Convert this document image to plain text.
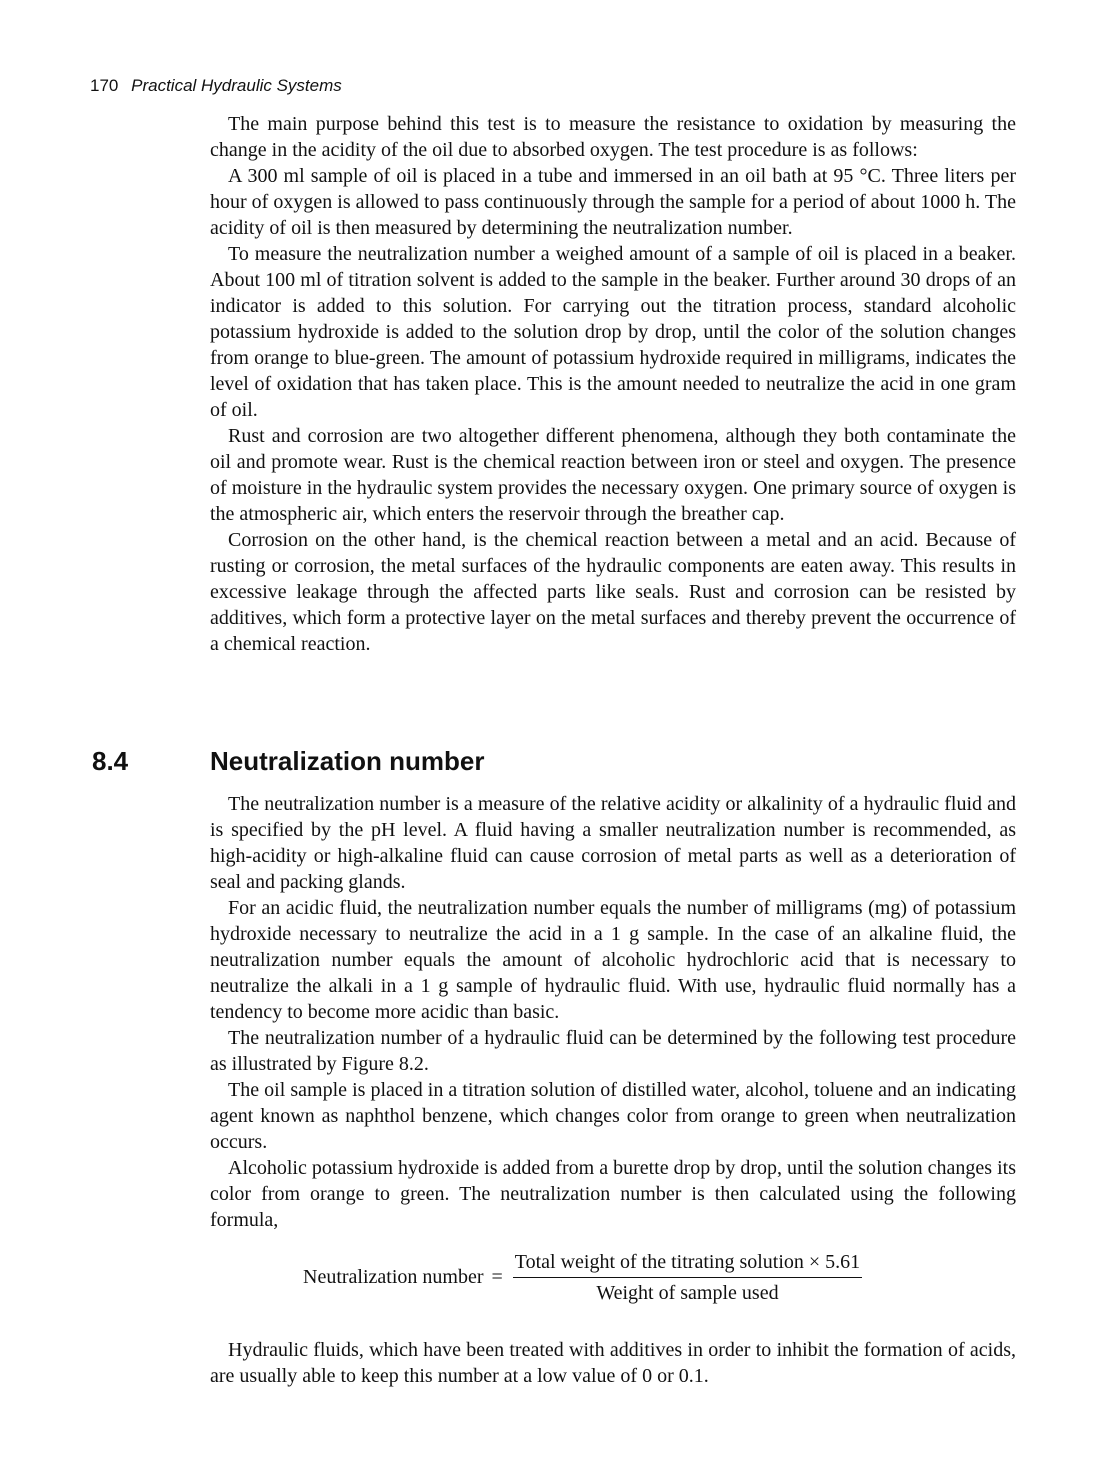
170 Practical Hydraulic Systems

The main purpose behind this test is to measure the resistance to oxidation by measuring the change in the acidity of the oil due to absorbed oxygen. The test procedure is as follows:

A 300 ml sample of oil is placed in a tube and immersed in an oil bath at 95 °C. Three liters per hour of oxygen is allowed to pass continuously through the sample for a period of about 1000 h. The acidity of oil is then measured by determining the neutralization number.

To measure the neutralization number a weighed amount of a sample of oil is placed in a beaker. About 100 ml of titration solvent is added to the sample in the beaker. Further around 30 drops of an indicator is added to this solution. For carrying out the titration process, standard alcoholic potassium hydroxide is added to the solution drop by drop, until the color of the solution changes from orange to blue-green. The amount of potassium hydroxide required in milligrams, indicates the level of oxidation that has taken place. This is the amount needed to neutralize the acid in one gram of oil.

Rust and corrosion are two altogether different phenomena, although they both contaminate the oil and promote wear. Rust is the chemical reaction between iron or steel and oxygen. The presence of moisture in the hydraulic system provides the necessary oxygen. One primary source of oxygen is the atmospheric air, which enters the reservoir through the breather cap.

Corrosion on the other hand, is the chemical reaction between a metal and an acid. Because of rusting or corrosion, the metal surfaces of the hydraulic components are eaten away. This results in excessive leakage through the affected parts like seals. Rust and corrosion can be resisted by additives, which form a protective layer on the metal surfaces and thereby prevent the occurrence of a chemical reaction.

8.4	Neutralization number

The neutralization number is a measure of the relative acidity or alkalinity of a hydraulic fluid and is specified by the pH level. A fluid having a smaller neutralization number is recommended, as high-acidity or high-alkaline fluid can cause corrosion of metal parts as well as a deterioration of seal and packing glands.

For an acidic fluid, the neutralization number equals the number of milligrams (mg) of potassium hydroxide necessary to neutralize the acid in a 1 g sample. In the case of an alkaline fluid, the neutralization number equals the amount of alcoholic hydrochloric acid that is necessary to neutralize the alkali in a 1 g sample of hydraulic fluid. With use, hydraulic fluid normally has a tendency to become more acidic than basic.

The neutralization number of a hydraulic fluid can be determined by the following test procedure as illustrated by Figure 8.2.

The oil sample is placed in a titration solution of distilled water, alcohol, toluene and an indicating agent known as naphthol benzene, which changes color from orange to green when neutralization occurs.

Alcoholic potassium hydroxide is added from a burette drop by drop, until the solution changes its color from orange to green. The neutralization number is then calculated using the following formula,

Neutralization number = $\frac{\text{Total weight of the titrating solution × 5.61}}{\text{Weight of sample used}}$

Hydraulic fluids, which have been treated with additives in order to inhibit the formation of acids, are usually able to keep this number at a low value of 0 or 0.1.
